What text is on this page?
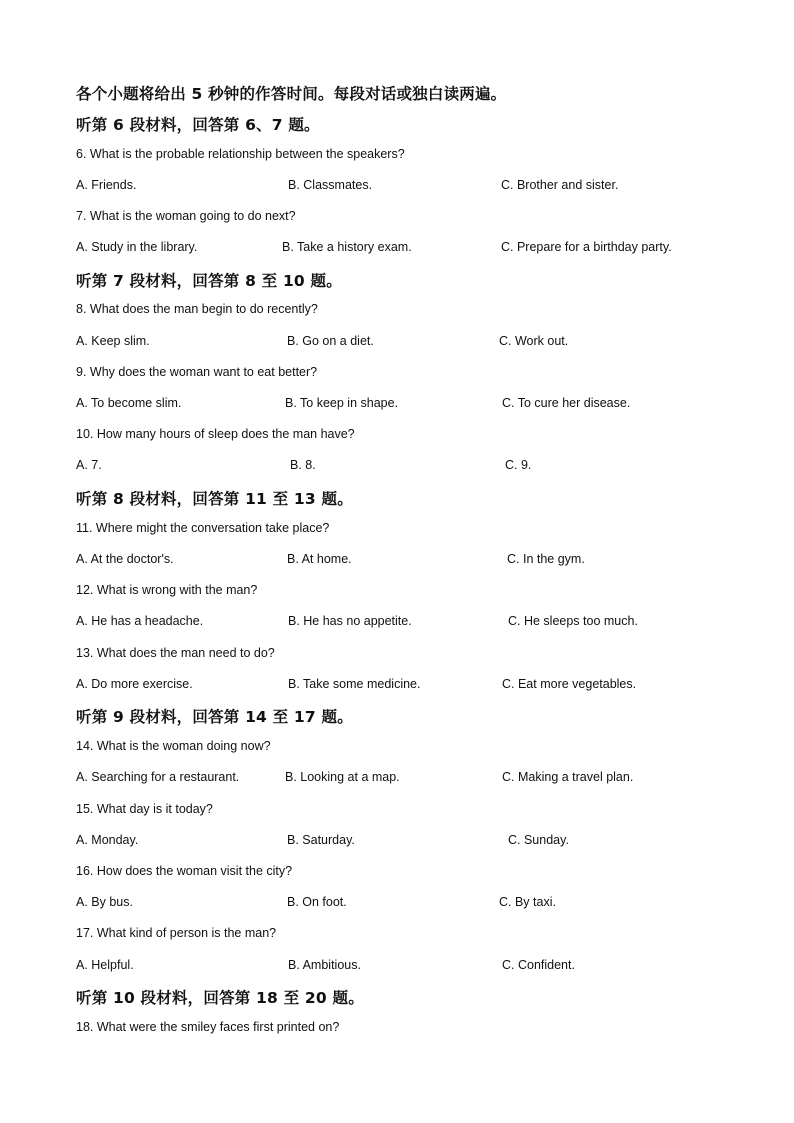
各个小题将给出 5 秒钟的作答时间。每段对话或独白读两遍。
听第 6 段材料，回答第 6、7 题。
6. What is the probable relationship between the speakers?
A. Friends.	B. Classmates.	C. Brother and sister.
7. What is the woman going to do next?
A. Study in the library.	B. Take a history exam.	C. Prepare for a birthday party.
听第 7 段材料，回答第 8 至 10 题。
8. What does the man begin to do recently?
A. Keep slim.	B. Go on a diet.	C. Work out.
9. Why does the woman want to eat better?
A. To become slim.	B. To keep in shape.	C. To cure her disease.
10. How many hours of sleep does the man have?
A. 7.	B. 8.	C. 9.
听第 8 段材料，回答第 11 至 13 题。
11. Where might the conversation take place?
A. At the doctor's.	B. At home.	C. In the gym.
12. What is wrong with the man?
A. He has a headache.	B. He has no appetite.	C. He sleeps too much.
13. What does the man need to do?
A. Do more exercise.	B. Take some medicine.	C. Eat more vegetables.
听第 9 段材料，回答第 14 至 17 题。
14. What is the woman doing now?
A. Searching for a restaurant.	B. Looking at a map.	C. Making a travel plan.
15. What day is it today?
A. Monday.	B. Saturday.	C. Sunday.
16. How does the woman visit the city?
A. By bus.	B. On foot.	C. By taxi.
17. What kind of person is the man?
A. Helpful.	B. Ambitious.	C. Confident.
听第 10 段材料，回答第 18 至 20 题。
18. What were the smiley faces first printed on?
